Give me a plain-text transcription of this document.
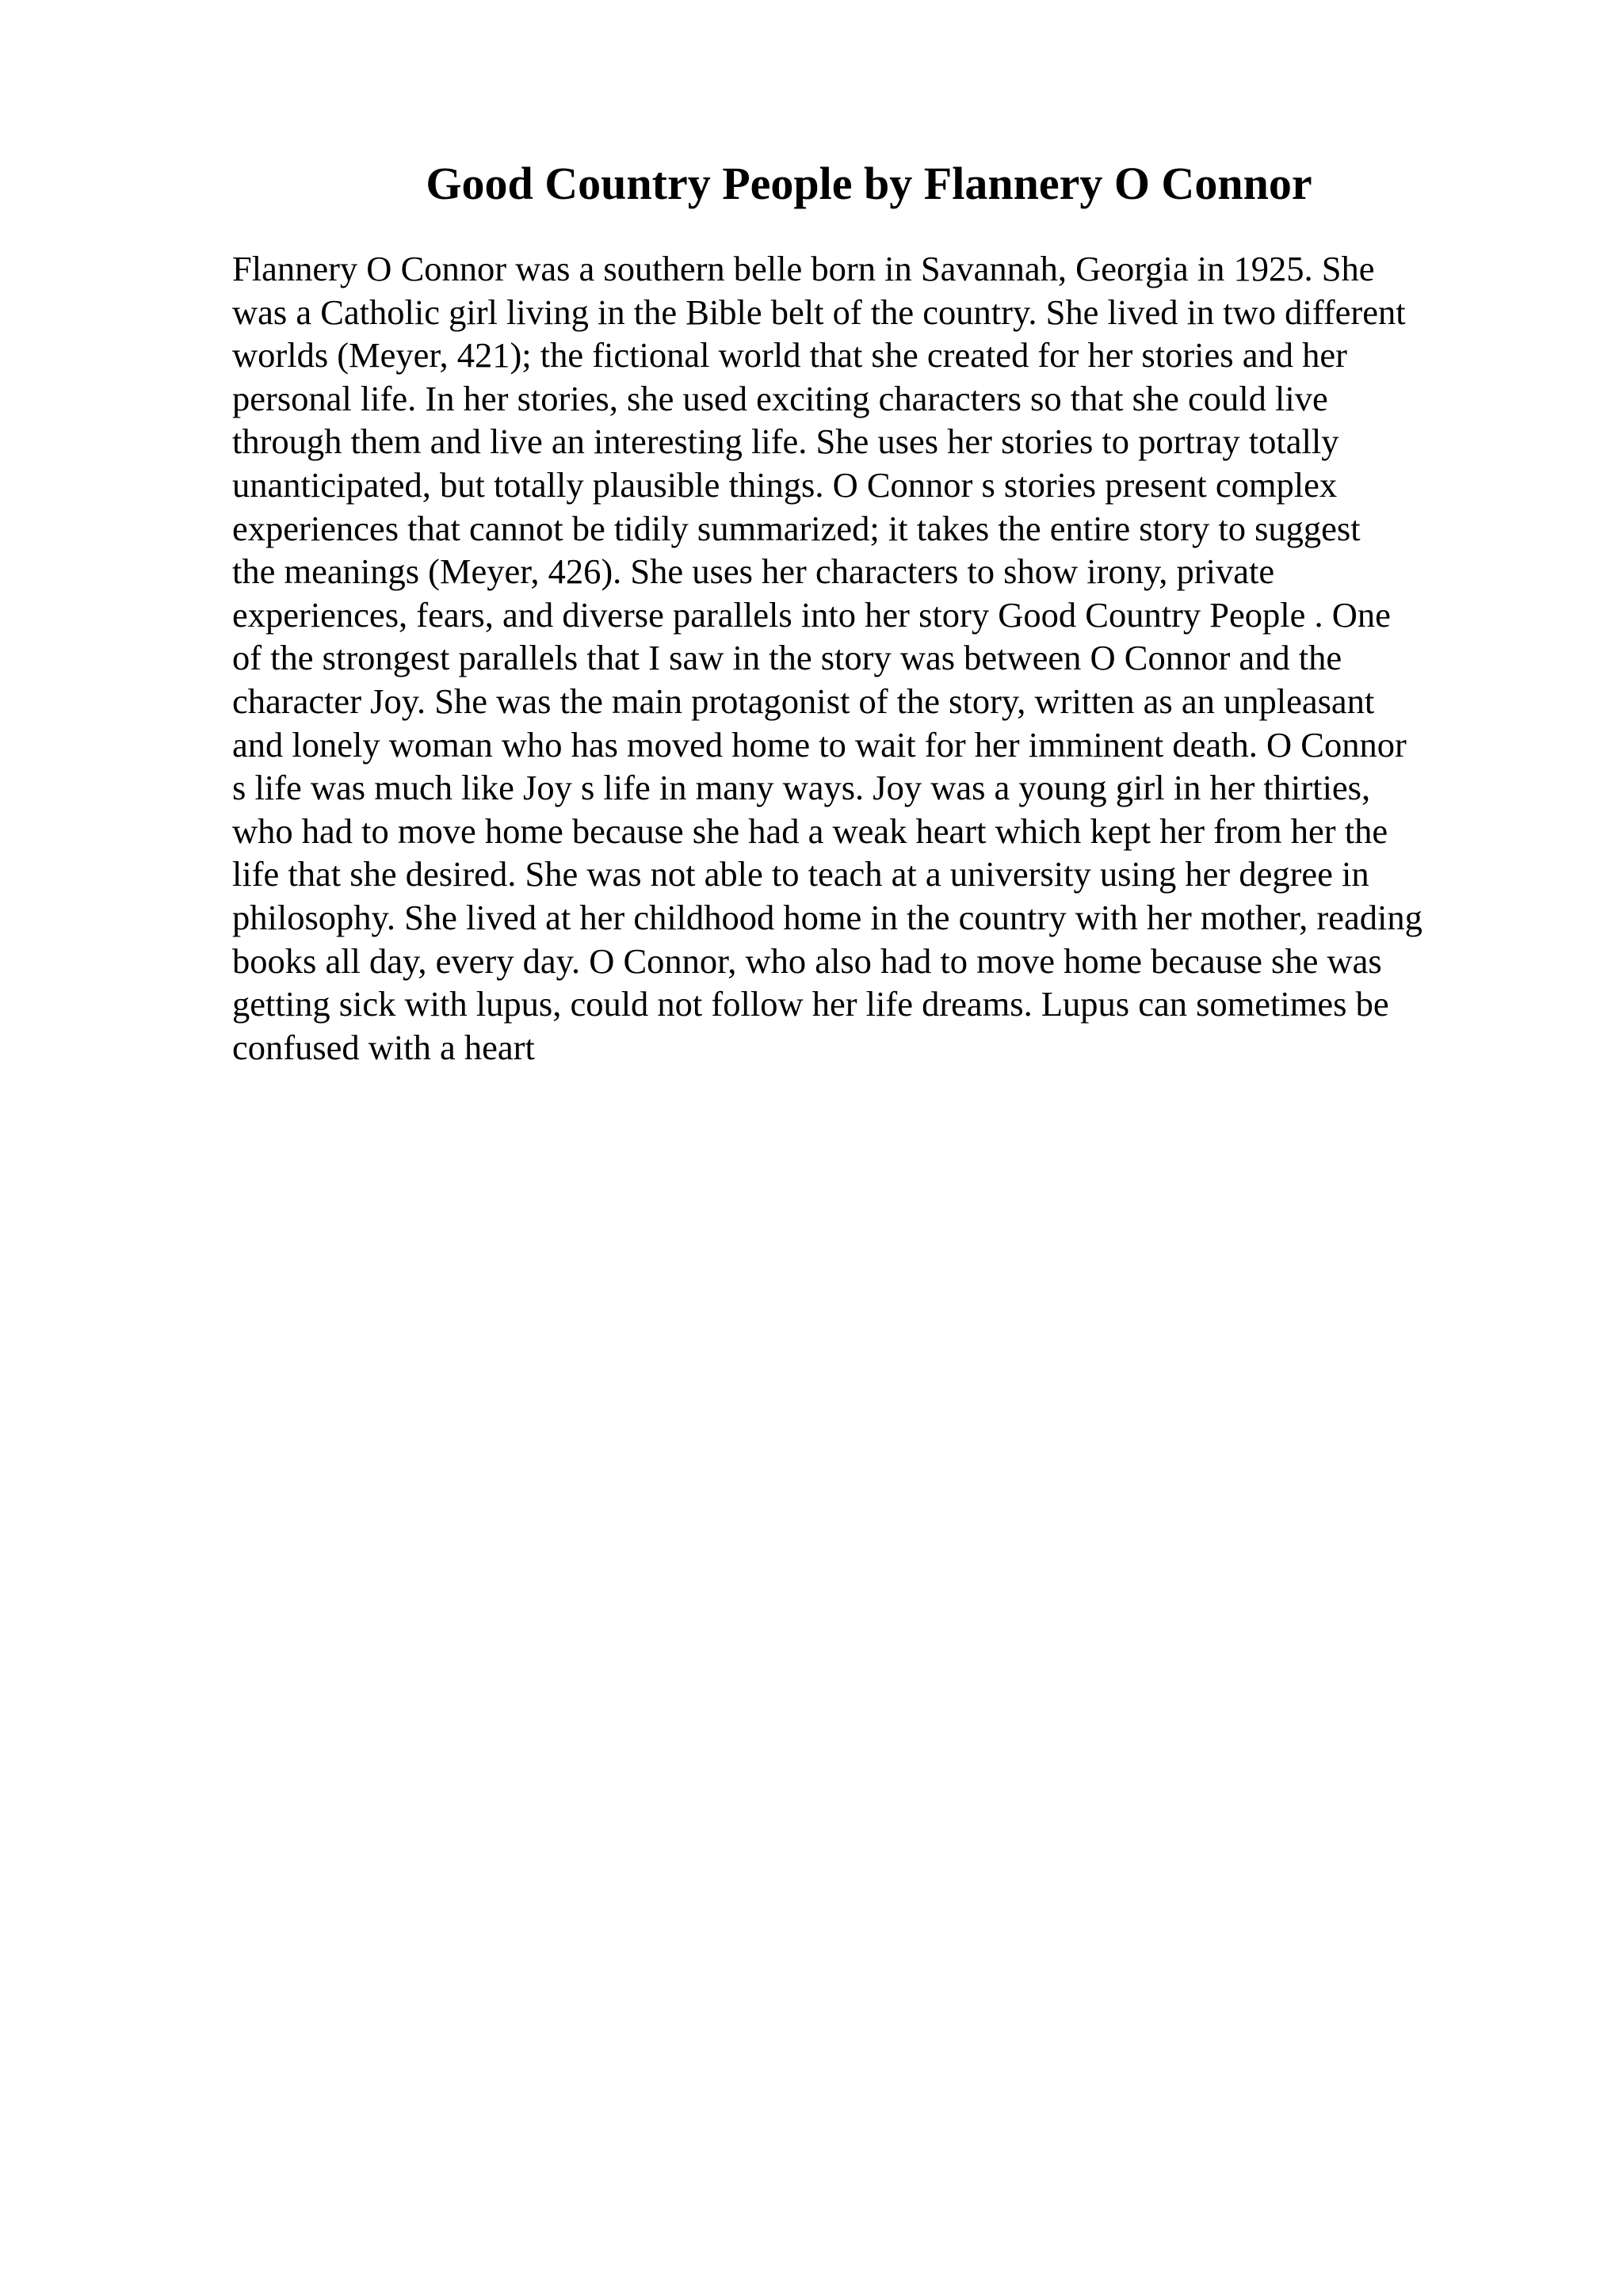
Good Country People by Flannery O Connor
Flannery O Connor was a southern belle born in Savannah, Georgia in 1925. She
was a Catholic girl living in the Bible belt of the country. She lived in two different
worlds (Meyer, 421); the fictional world that she created for her stories and her
personal life. In her stories, she used exciting characters so that she could live
through them and live an interesting life. She uses her stories to portray totally
unanticipated, but totally plausible things. O Connor s stories present complex
experiences that cannot be tidily summarized; it takes the entire story to suggest
the meanings (Meyer, 426). She uses her characters to show irony, private
experiences, fears, and diverse parallels into her story Good Country People . One
of the strongest parallels that I saw in the story was between O Connor and the
character Joy. She was the main protagonist of the story, written as an unpleasant
and lonely woman who has moved home to wait for her imminent death. O Connor
s life was much like Joy s life in many ways. Joy was a young girl in her thirties,
who had to move home because she had a weak heart which kept her from her the
life that she desired. She was not able to teach at a university using her degree in
philosophy. She lived at her childhood home in the country with her mother, reading
books all day, every day. O Connor, who also had to move home because she was
getting sick with lupus, could not follow her life dreams. Lupus can sometimes be
confused with a heart
